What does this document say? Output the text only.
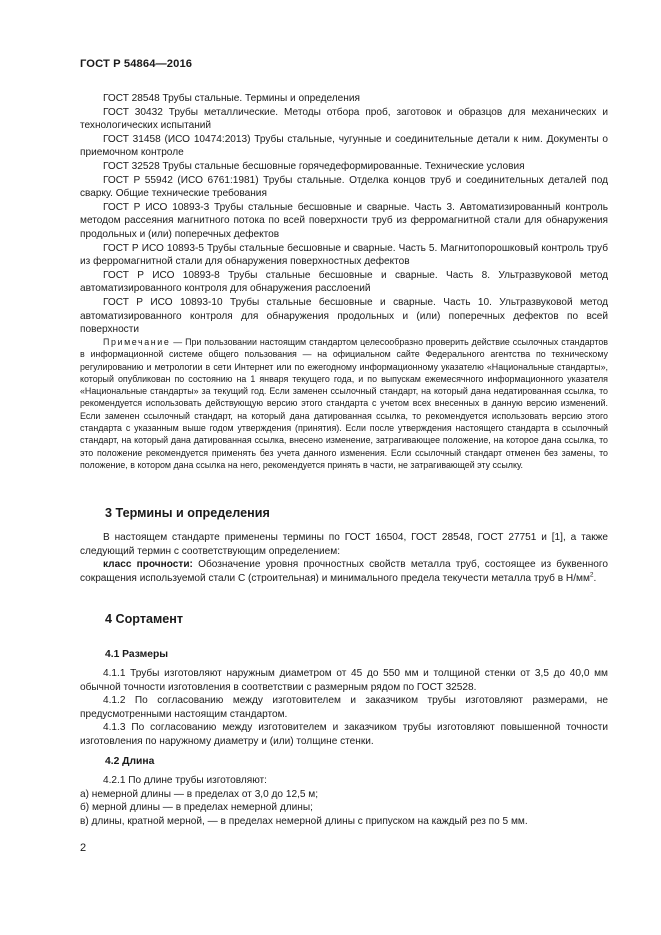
ГОСТ Р 54864—2016

ГОСТ 28548 Трубы стальные. Термины и определения

ГОСТ 30432 Трубы металлические. Методы отбора проб, заготовок и образцов для механических и технологических испытаний

ГОСТ 31458 (ИСО 10474:2013) Трубы стальные, чугунные и соединительные детали к ним. Документы о приемочном контроле

ГОСТ 32528 Трубы стальные бесшовные горячедеформированные. Технические условия

ГОСТ Р 55942 (ИСО 6761:1981) Трубы стальные. Отделка концов труб и соединительных деталей под сварку. Общие технические требования

ГОСТ Р ИСО 10893-3 Трубы стальные бесшовные и сварные. Часть 3. Автоматизированный контроль методом рассеяния магнитного потока по всей поверхности труб из ферромагнитной стали для обнаружения продольных и (или) поперечных дефектов

ГОСТ Р ИСО 10893-5 Трубы стальные бесшовные и сварные. Часть 5. Магнитопорошковый контроль труб из ферромагнитной стали для обнаружения поверхностных дефектов

ГОСТ Р ИСО 10893-8 Трубы стальные бесшовные и сварные. Часть 8. Ультразвуковой метод автоматизированного контроля для обнаружения расслоений

ГОСТ Р ИСО 10893-10 Трубы стальные бесшовные и сварные. Часть 10. Ультразвуковой метод автоматизированного контроля для обнаружения продольных и (или) поперечных дефектов по всей поверхности

Примечание — При пользовании настоящим стандартом целесообразно проверить действие ссылочных стандартов в информационной системе общего пользования — на официальном сайте Федерального агентства по техническому регулированию и метрологии в сети Интернет или по ежегодному информационному указателю «Национальные стандарты», который опубликован по состоянию на 1 января текущего года, и по выпускам ежемесячного информационного указателя «Национальные стандарты» за текущий год. Если заменен ссылочный стандарт, на который дана недатированная ссылка, то рекомендуется использовать действующую версию этого стандарта с учетом всех внесенных в данную версию изменений. Если заменен ссылочный стандарт, на который дана датированная ссылка, то рекомендуется использовать версию этого стандарта с указанным выше годом утверждения (принятия). Если после утверждения настоящего стандарта в ссылочный стандарт, на который дана датированная ссылка, внесено изменение, затрагивающее положение, на которое дана ссылка, то это положение рекомендуется применять без учета данного изменения. Если ссылочный стандарт отменен без замены, то положение, в котором дана ссылка на него, рекомендуется принять в части, не затрагивающей эту ссылку.

3 Термины и определения

В настоящем стандарте применены термины по ГОСТ 16504, ГОСТ 28548, ГОСТ 27751 и [1], а также следующий термин с соответствующим определением:

класс прочности: Обозначение уровня прочностных свойств металла труб, состоящее из буквенного сокращения используемой стали С (строительная) и минимального предела текучести металла труб в $Н/мм^2$.

4 Сортамент
4.1 Размеры

4.1.1 Трубы изготовляют наружным диаметром от 45 до 550 мм и толщиной стенки от 3,5 до 40,0 мм обычной точности изготовления в соответствии с размерным рядом по ГОСТ 32528.

4.1.2 По согласованию между изготовителем и заказчиком трубы изготовляют размерами, не предусмотренными настоящим стандартом.

4.1.3 По согласованию между изготовителем и заказчиком трубы изготовляют повышенной точности изготовления по наружному диаметру и (или) толщине стенки.

4.2 Длина

4.2.1 По длине трубы изготовляют:

а) немерной длины — в пределах от 3,0 до 12,5 м;

б) мерной длины — в пределах немерной длины;

в) длины, кратной мерной, — в пределах немерной длины с припуском на каждый рез по 5 мм.

2
